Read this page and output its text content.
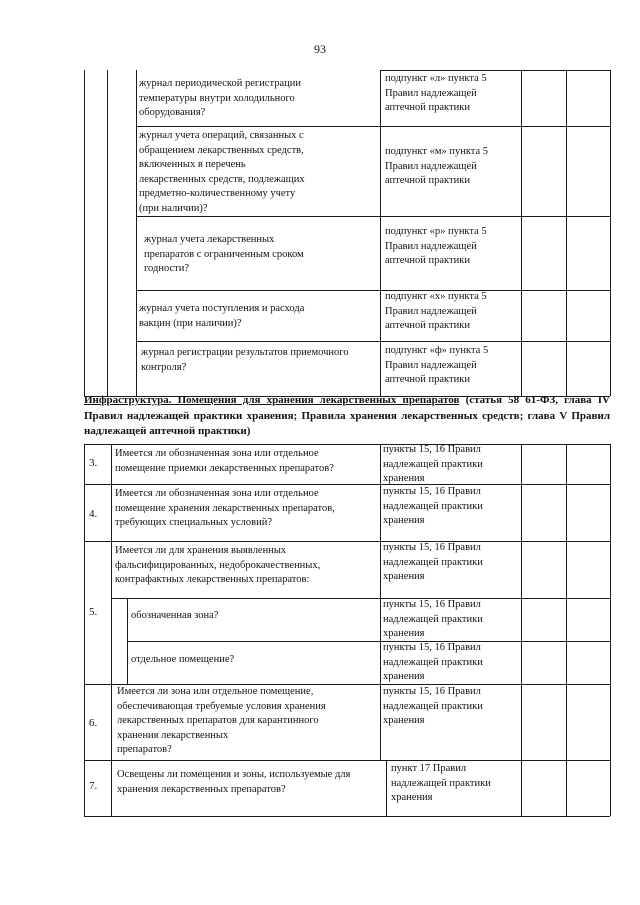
93
журнал периодической регистрации
температуры внутри холодильного
оборудования?
подпункт «л» пункта 5
Правил надлежащей
аптечной практики
журнал учета операций, связанных с
обращением лекарственных средств,
включенных в перечень
лекарственных средств, подлежащих
предметно-количественному учету
(при наличии)?
подпункт «м» пункта 5
Правил надлежащей
аптечной практики
журнал учета лекарственных
препаратов с ограниченным сроком
годности?
подпункт «р» пункта 5
Правил надлежащей
аптечной практики
журнал учета поступления и расхода
вакцин (при наличии)?
подпункт «х» пункта 5
Правил надлежащей
аптечной практики
журнал регистрации результатов приемочного
контроля?
подпункт «ф» пункта 5
Правил надлежащей
аптечной практики
Инфраструктура. Помещения для хранения лекарственных препаратов (статья 58 61-ФЗ, глава IV Правил надлежащей практики хранения; Правила хранения лекарственных средств; глава V Правил надлежащей аптечной практики)
3.
Имеется ли обозначенная зона или отдельное
помещение приемки лекарственных препаратов?
пункты 15, 16 Правил
надлежащей практики
хранения
4.
Имеется ли обозначенная зона или отдельное
помещение хранения лекарственных препаратов,
требующих специальных условий?
пункты 15, 16 Правил
надлежащей практики
хранения
5.
Имеется ли для хранения выявленных
фальсифицированных, недоброкачественных,
контрафактных лекарственных препаратов:
пункты 15, 16 Правил
надлежащей практики
хранения
обозначенная зона?
пункты 15, 16 Правил
надлежащей практики
хранения
отдельное помещение?
пункты 15, 16 Правил
надлежащей практики
хранения
6.
Имеется ли зона или отдельное помещение,
обеспечивающая требуемые условия хранения
лекарственных препаратов для карантинного
хранения лекарственных
препаратов?
пункты 15, 16 Правил
надлежащей практики
хранения
7.
Освещены ли помещения и зоны, используемые для
хранения лекарственных препаратов?
пункт 17 Правил
надлежащей практики
хранения
